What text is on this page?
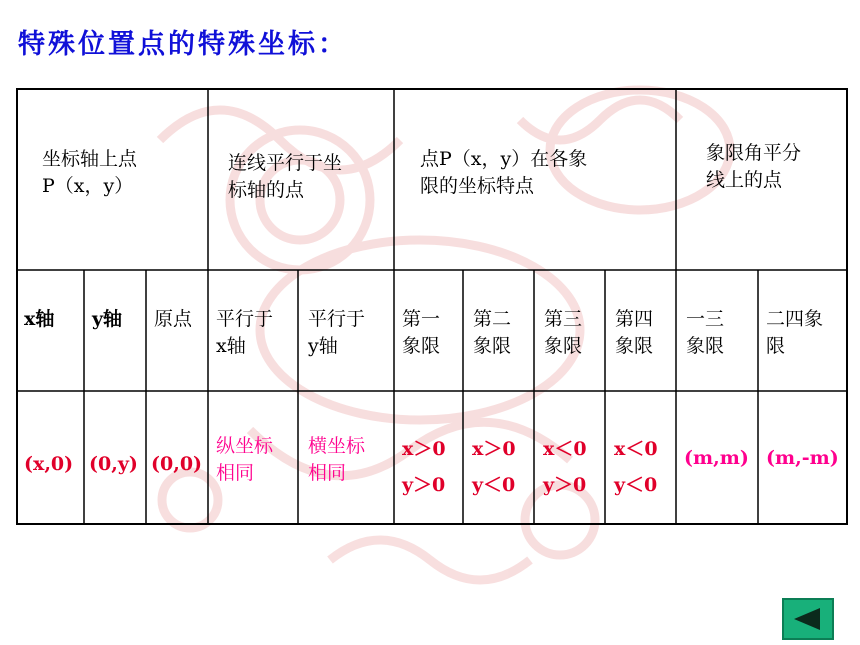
特殊位置点的特殊坐标：
坐标轴上点
P（x，y）
连线平行于坐
标轴的点
点P（x，y）在各象
限的坐标特点
象限角平分
线上的点
x轴 y轴 原点 平行于
x轴
平行于
y轴
第一
象限
第二
象限
第三
象限
第四
象限
一三
象限
二四象
限
(x,0) (0,y) (0,0)
纵坐标
相同
横坐标
相同
x＞0
y＞0
x＞0
y＜0
x＜0
y＞0
x＜0
y＜0
(m,m) (m,-m)
